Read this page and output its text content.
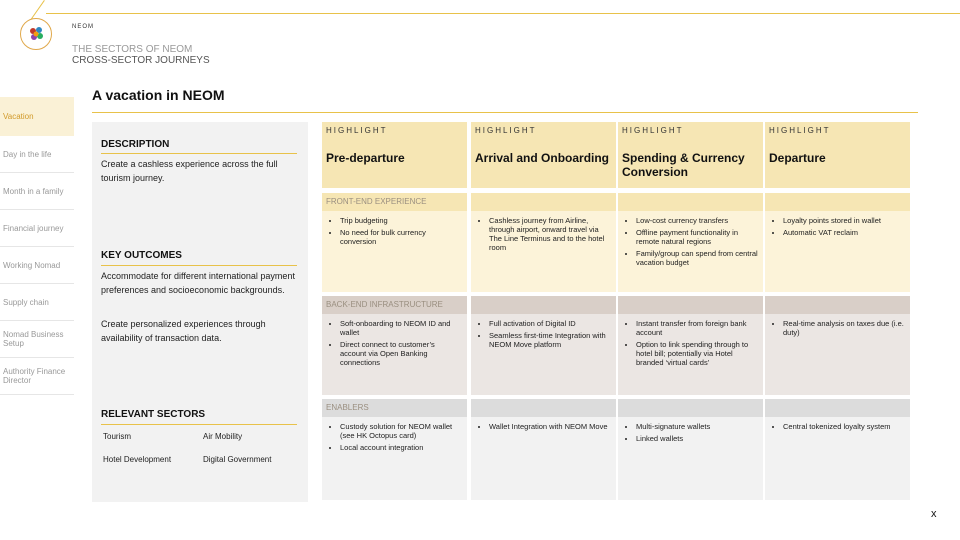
NEOM
THE SECTORS OF NEOM
CROSS-SECTOR JOURNEYS
Vacation
Day in the life
Month in a family
Financial journey
Working Nomad
Supply chain
Nomad Business Setup
Authority Finance Director
A vacation in NEOM
DESCRIPTION
Create a cashless experience across the full tourism journey.
KEY OUTCOMES
Accommodate for different international payment preferences and socioeconomic backgrounds.
Create personalized experiences through availability of transaction data.
RELEVANT SECTORS
Tourism	Air Mobility
Hotel Development	Digital Government
HIGHLIGHT
Pre-departure
FRONT-END EXPERIENCE
• Trip budgeting
• No need for bulk currency conversion
BACK-END INFRASTRUCTURE
• Soft-onboarding to NEOM ID and wallet
• Direct connect to customer’s account via Open Banking connections
ENABLERS
• Custody solution for NEOM wallet (see HK Octopus card)
• Local account integration
HIGHLIGHT
Arrival and Onboarding
• Cashless journey from Airline, through airport, onward travel via The Line Terminus and to the hotel room
• Full activation of Digital ID
• Seamless first-time Integration with NEOM Move platform
• Wallet Integration with NEOM Move
HIGHLIGHT
Spending & Currency Conversion
• Low-cost currency transfers
• Offline payment functionality in remote natural regions
• Family/group can spend from central vacation budget
• Instant transfer from foreign bank account
• Option to link spending through to hotel bill; potentially via Hotel branded ‘virtual cards’
• Multi-signature wallets
• Linked wallets
HIGHLIGHT
Departure
• Loyalty points stored in wallet
• Automatic VAT reclaim
• Real-time analysis on taxes due (i.e. duty)
• Central tokenized loyalty system
x
